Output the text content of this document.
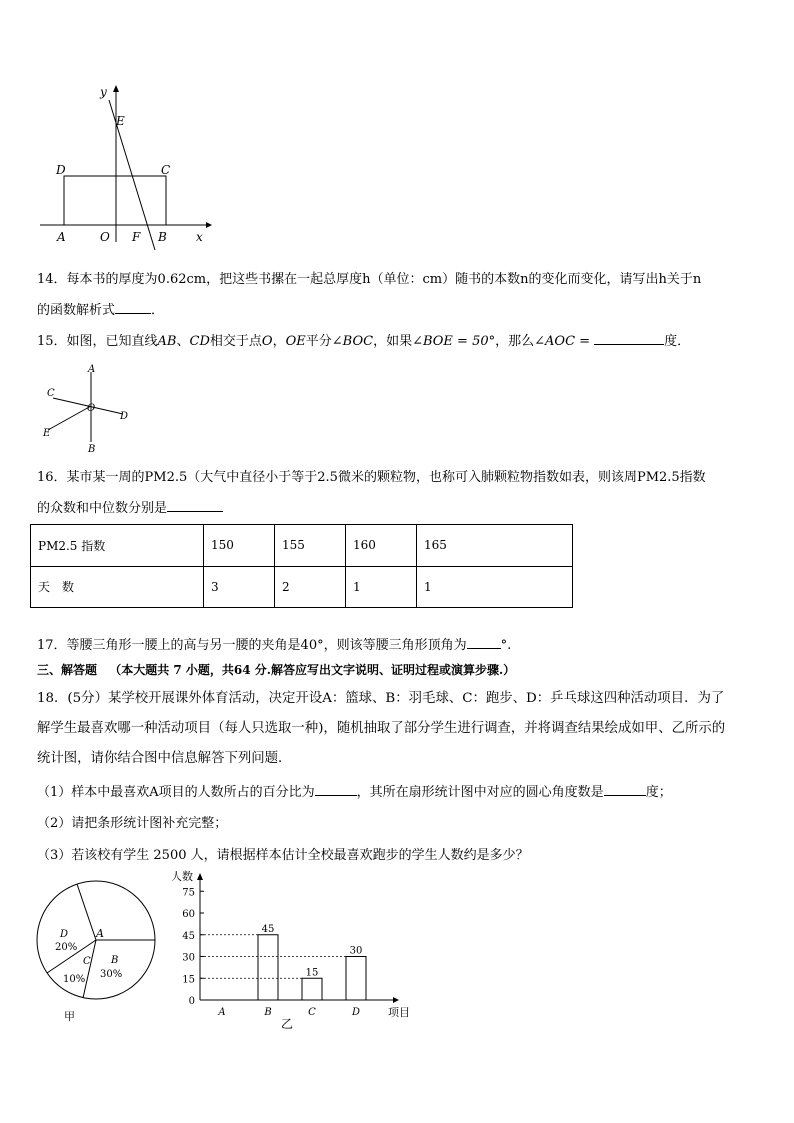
y
E
D	C
A	O F B x
14．每本书的厚度为0.62cm，把这些书摞在一起总厚度h（单位：cm）随书的本数n的变化而变化，请写出h关于n
的函数解析式	．
15．如图，已知直线AB、CD相交于点O，OE平分∠BOC，如果∠BOE = 50°，那么∠AOC =	度．
A
C
O
D
E
B
16．某市某一周的PM2.5（大气中直径小于等于2.5微米的颗粒物，也称可入肺颗粒物指数如表，则该周PM2.5指数
的众数和中位数分别是
PM2.5 指数	150	155	160	165
天　数	3	2	1	1
17．等腰三角形一腰上的高与另一腰的夹角是40°，则该等腰三角形顶角为	°.
三、解答题 （本大题共 7 小题，共64 分.解答应写出文字说明、证明过程或演算步骤.）
18．(5分）某学校开展课外体育活动，决定开设A：篮球、B：羽毛球、C：跑步、D：乒乓球这四种活动项目．为了
解学生最喜欢哪一种活动项目（每人只选取一种)，随机抽取了部分学生进行调查，并将调查结果绘成如甲、乙所示的
统计图，请你结合图中信息解答下列问题．
（1）样本中最喜欢A项目的人数所占的百分比为	，其所在扇形统计图中对应的圆心角度数是	度；
（2）请把条形统计图补充完整；
（3）若该校有学生 2500 人，请根据样本估计全校最喜欢跑步的学生人数约是多少？
A
D
20%
C
10%
B
30%
甲
人数
项目
乙
0
15
30
45
60
75
A
45
B
15
C
30
D
